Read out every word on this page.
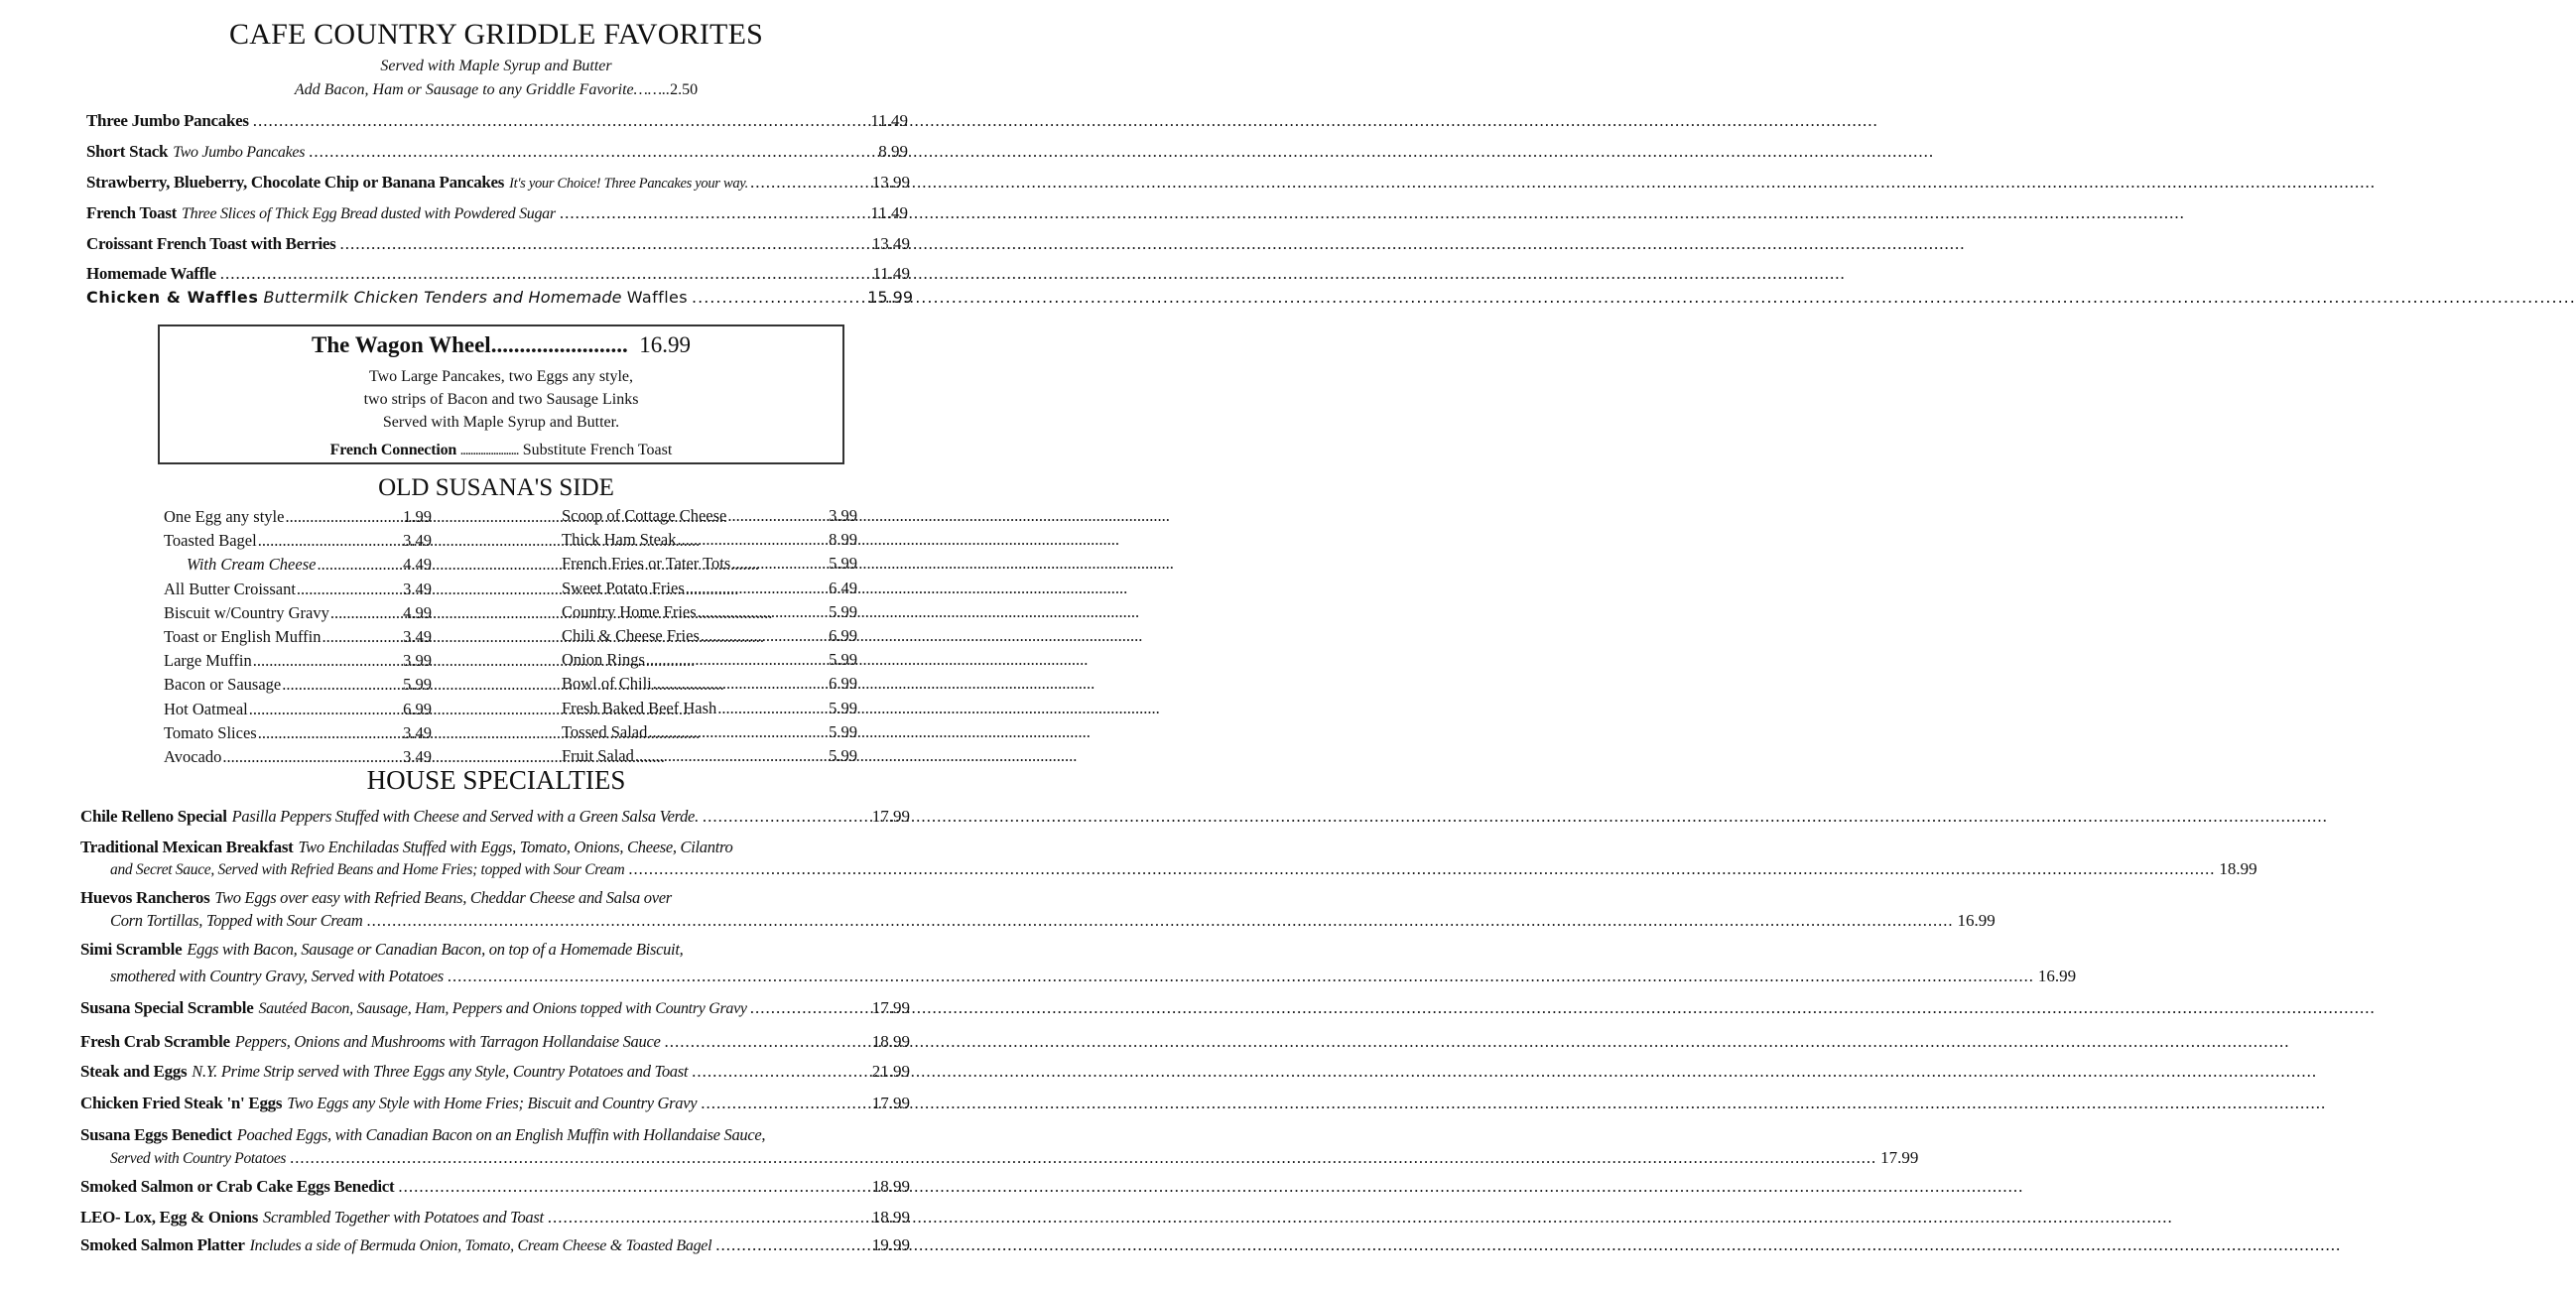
CAFE COUNTRY GRIDDLE FAVORITES
Served with Maple Syrup and Butter
Add Bacon, Ham or Sausage to any Griddle Favorite……..2.50
Three Jumbo Pancakes .....	11.49
Short Stack Two Jumbo Pancakes .....	8.99
Strawberry, Blueberry, Chocolate Chip or Banana Pancakes It's your Choice! Three Pancakes your way. .....	13.99
French Toast Three Slices of Thick Egg Bread dusted with Powdered Sugar .....	11.49
Croissant French Toast with Berries .....	13.49
Homemade Waffle .....	11.49
Chicken & Waffles Buttermilk Chicken Tenders and Homemade Waffles .....	15.99
The Wagon Wheel........................ 16.99
Two Large Pancakes, two Eggs any style,
two strips of Bacon and two Sausage Links
Served with Maple Syrup and Butter.
French Connection ....................... Substitute French Toast
OLD SUSANA'S SIDE
One Egg any style .....	1.99
Toasted Bagel .....	3.49
With Cream Cheese .....	4.49
All Butter Croissant .....	3.49
Biscuit w/Country Gravy .....	4.99
Toast or English Muffin .....	3.49
Large Muffin .....	3.99
Bacon or Sausage .....	5.99
Hot Oatmeal .....	6.99
Tomato Slices .....	3.49
Avocado .....	3.49
Scoop of Cottage Cheese .....	3.99
Thick Ham Steak .....	8.99
French Fries or Tater Tots .....	5.99
Sweet Potato Fries .....	6.49
Country Home Fries .....	5.99
Chili & Cheese Fries .....	6.99
Onion Rings .....	5.99
Bowl of Chili .....	6.99
Fresh Baked Beef Hash .....	5.99
Tossed Salad .....	5.99
Fruit Salad .....	5.99
HOUSE SPECIALTIES
Chile Relleno Special Pasilla Peppers Stuffed with Cheese and Served with a Green Salsa Verde. .....	17.99
Traditional Mexican Breakfast Two Enchiladas Stuffed with Eggs, Tomato, Onions, Cheese, Cilantro
and Secret Sauce, Served with Refried Beans and Home Fries; topped with Sour Cream .....	18.99
Huevos Rancheros Two Eggs over easy with Refried Beans, Cheddar Cheese and Salsa over
Corn Tortillas, Topped with Sour Cream .....	16.99
Simi Scramble Eggs with Bacon, Sausage or Canadian Bacon, on top of a Homemade Biscuit,
smothered with Country Gravy, Served with Potatoes .....	16.99
Susana Special Scramble Sautéed Bacon, Sausage, Ham, Peppers and Onions topped with Country Gravy .....	17.99
Fresh Crab Scramble Peppers, Onions and Mushrooms with Tarragon Hollandaise Sauce .....	18.99
Steak and Eggs N.Y. Prime Strip served with Three Eggs any Style, Country Potatoes and Toast .....	21.99
Chicken Fried Steak 'n' Eggs Two Eggs any Style with Home Fries; Biscuit and Country Gravy .....	17.99
Susana Eggs Benedict Poached Eggs, with Canadian Bacon on an English Muffin with Hollandaise Sauce,
Served with Country Potatoes .....	17.99
Smoked Salmon or Crab Cake Eggs Benedict .....	18.99
LEO- Lox, Egg & Onions Scrambled Together with Potatoes and Toast .....	18.99
Smoked Salmon Platter Includes a side of Bermuda Onion, Tomato, Cream Cheese & Toasted Bagel .....	19.99
